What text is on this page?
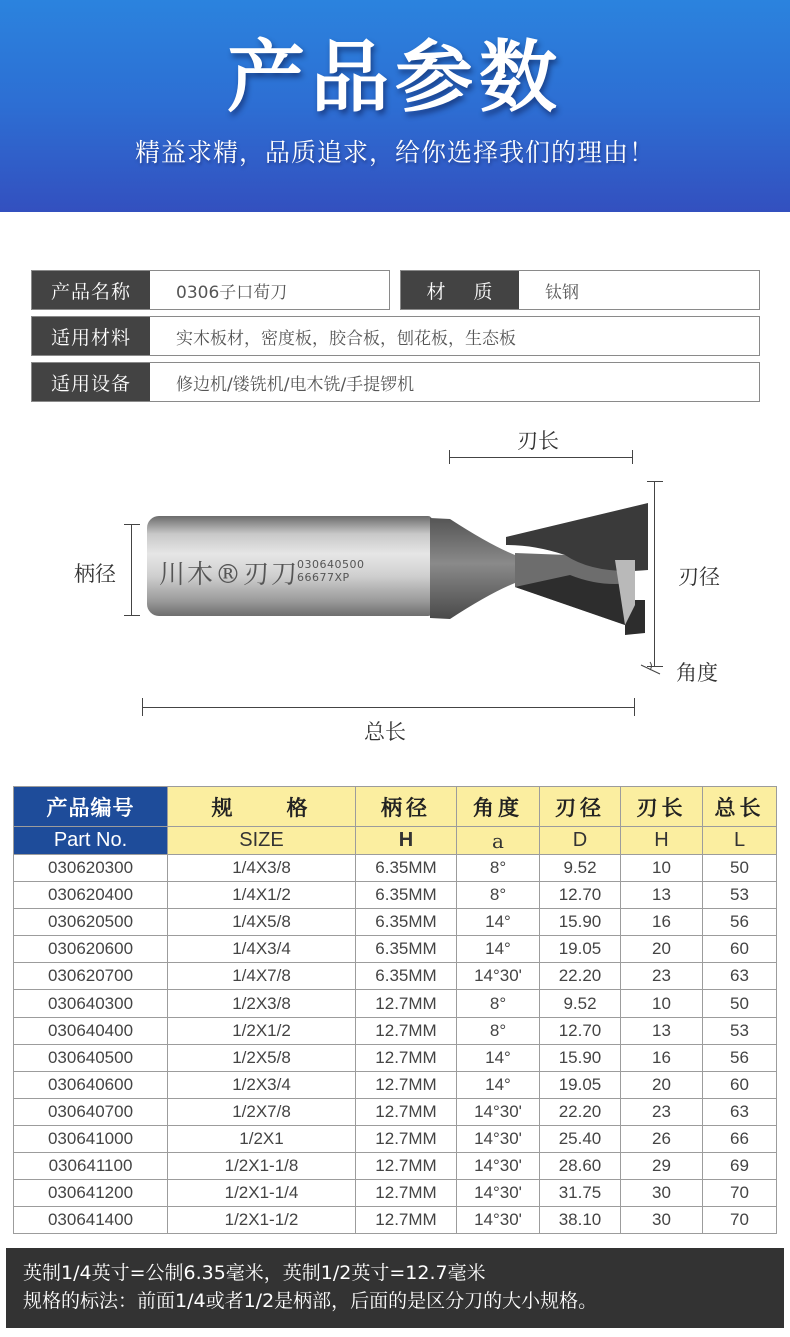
产品参数
精益求精，品质追求，给你选择我们的理由！
产品名称	0306子口荀刀	材 质	钛钢
适用材料	实木板材，密度板，胶合板，刨花板，生态板
适用设备	修边机/镂铣机/电木铣/手提锣机
刃长
柄径 川木®刃刀
030640500
66677XP	刃径
角度
总长
产品编号	规　　格	柄径	角度	刃径	刃长	总长
Part No.	SIZE	H	a	D	H	L
030620300	1/4X3/8	6.35MM	8°	9.52	10	50
030620400	1/4X1/2	6.35MM	8°	12.70	13	53
030620500	1/4X5/8	6.35MM	14°	15.90	16	56
030620600	1/4X3/4	6.35MM	14°	19.05	20	60
030620700	1/4X7/8	6.35MM	14°30'	22.20	23	63
030640300	1/2X3/8	12.7MM	8°	9.52	10	50
030640400	1/2X1/2	12.7MM	8°	12.70	13	53
030640500	1/2X5/8	12.7MM	14°	15.90	16	56
030640600	1/2X3/4	12.7MM	14°	19.05	20	60
030640700	1/2X7/8	12.7MM	14°30'	22.20	23	63
030641000	1/2X1	12.7MM	14°30'	25.40	26	66
030641100	1/2X1-1/8	12.7MM	14°30'	28.60	29	69
030641200	1/2X1-1/4	12.7MM	14°30'	31.75	30	70
030641400	1/2X1-1/2	12.7MM	14°30'	38.10	30	70
英制1/4英寸=公制6.35毫米，英制1/2英寸=12.7毫米
规格的标法：前面1/4或者1/2是柄部，后面的是区分刀的大小规格。
